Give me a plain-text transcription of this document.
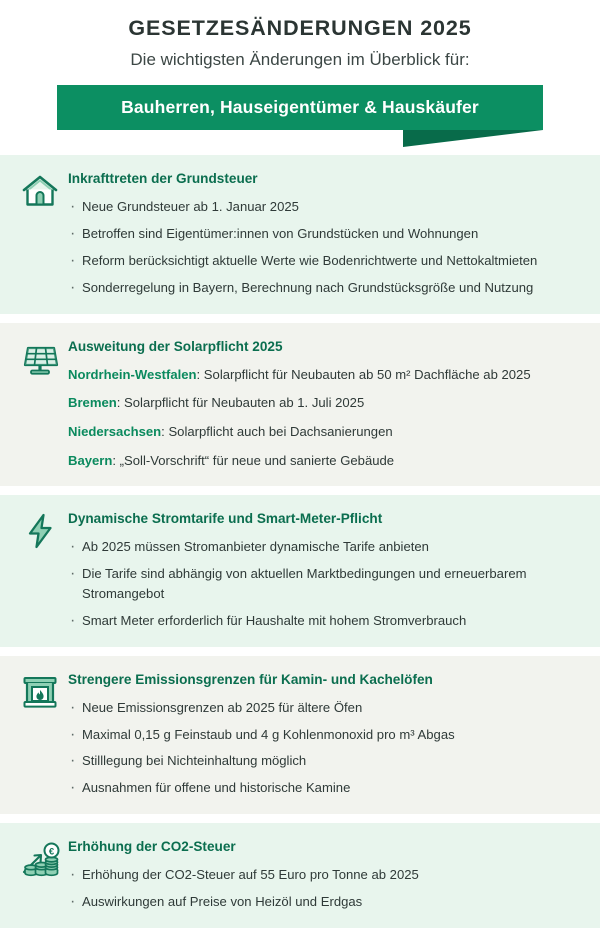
GESETZESÄNDERUNGEN 2025

Die wichtigsten Änderungen im Überblick für:

Bauherren, Hauseigentümer & Hauskäufer
Inkrafttreten der Grundsteuer
· Neue Grundsteuer ab 1. Januar 2025
· Betroffen sind Eigentümer:innen von Grundstücken und Wohnungen
· Reform berücksichtigt aktuelle Werte wie Bodenrichtwerte und Nettokaltmieten
· Sonderregelung in Bayern, Berechnung nach Grundstücksgröße und Nutzung
Ausweitung der Solarpflicht 2025
Nordrhein-Westfalen: Solarpflicht für Neubauten ab 50 m² Dachfläche ab 2025
Bremen: Solarpflicht für Neubauten ab 1. Juli 2025
Niedersachsen: Solarpflicht auch bei Dachsanierungen
Bayern: „Soll-Vorschrift“ für neue und sanierte Gebäude
Dynamische Stromtarife und Smart-Meter-Pflicht
· Ab 2025 müssen Stromanbieter dynamische Tarife anbieten
· Die Tarife sind abhängig von aktuellen Marktbedingungen und erneuerbarem Stromangebot
· Smart Meter erforderlich für Haushalte mit hohem Stromverbrauch
Strengere Emissionsgrenzen für Kamin- und Kachelöfen
· Neue Emissionsgrenzen ab 2025 für ältere Öfen
· Maximal 0,15 g Feinstaub und 4 g Kohlenmonoxid pro m³ Abgas
· Stilllegung bei Nichteinhaltung möglich
· Ausnahmen für offene und historische Kamine
€ Erhöhung der CO2-Steuer
· Erhöhung der CO2-Steuer auf 55 Euro pro Tonne ab 2025
· Auswirkungen auf Preise von Heizöl und Erdgas
